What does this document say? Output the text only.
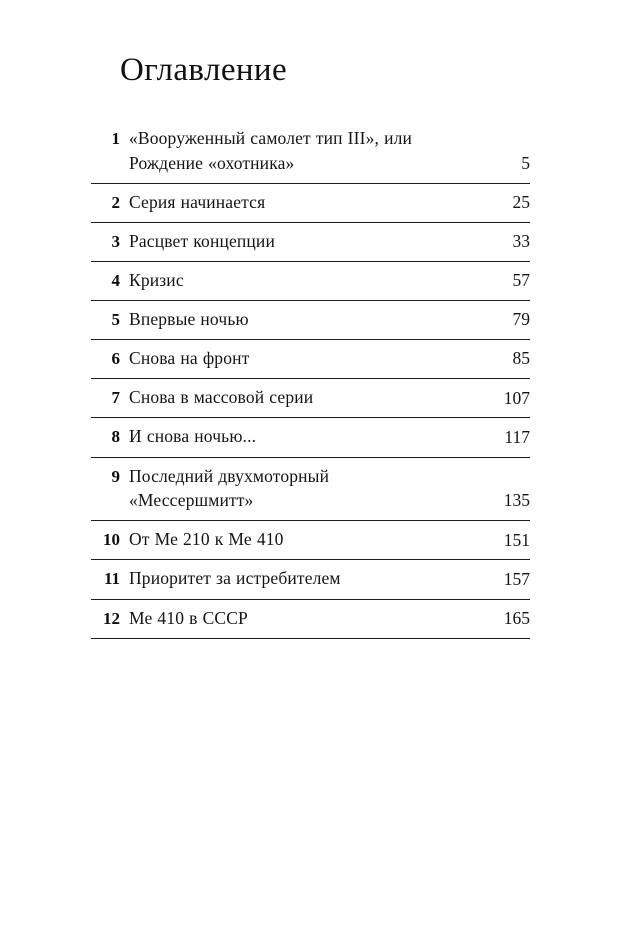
Оглавление
1 «Вооруженный самолет тип III», или
Рождение «охотника»	5
2 Серия начинается	25
3 Расцвет концепции	33
4 Кризис	57
5 Впервые ночью	79
6 Снова на фронт	85
7 Снова в массовой серии	107
8 И снова ночью...	117
9 Последний двухмоторный
«Мессершмитт»	135
10 От Ме 210 к Ме 410	151
11 Приоритет за истребителем	157
12 Ме 410 в СССР	165
